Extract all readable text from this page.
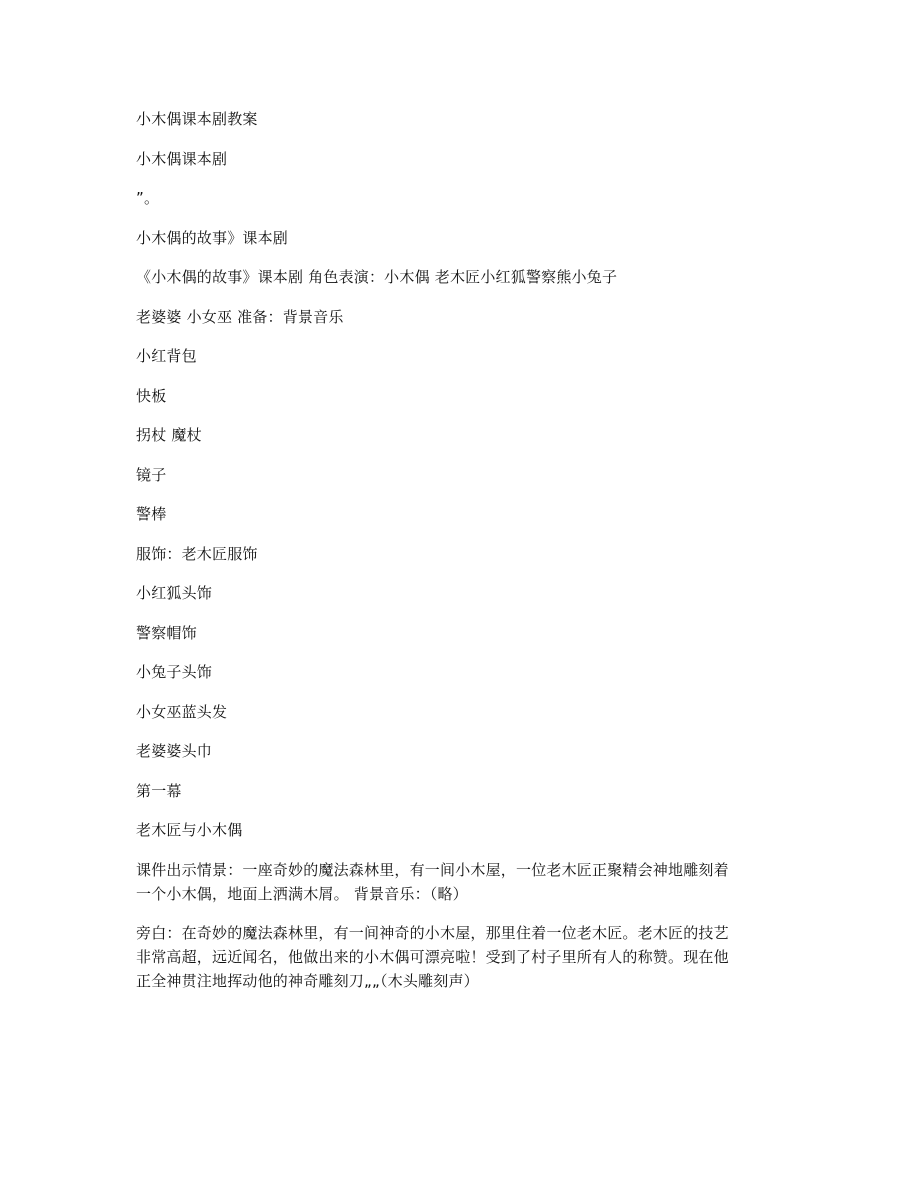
小木偶课本剧教案

小木偶课本剧

”。

小木偶的故事》课本剧

《小木偶的故事》课本剧 角色表演：小木偶 老木匠小红狐警察熊小兔子

老婆婆 小女巫 准备：背景音乐

小红背包

快板

拐杖 魔杖

镜子

警棒

服饰：老木匠服饰

小红狐头饰

警察帽饰

小兔子头饰

小女巫蓝头发

老婆婆头巾

第一幕

老木匠与小木偶

课件出示情景：一座奇妙的魔法森林里，有一间小木屋，一位老木匠正聚精会神地雕刻着

一个小木偶，地面上洒满木屑。 背景音乐：（略）

旁白：在奇妙的魔法森林里，有一间神奇的小木屋，那里住着一位老木匠。老木匠的技艺

非常高超，远近闻名，他做出来的小木偶可漂亮啦！受到了村子里所有人的称赞。现在他

正全神贯注地挥动他的神奇雕刻刀„„（木头雕刻声）
